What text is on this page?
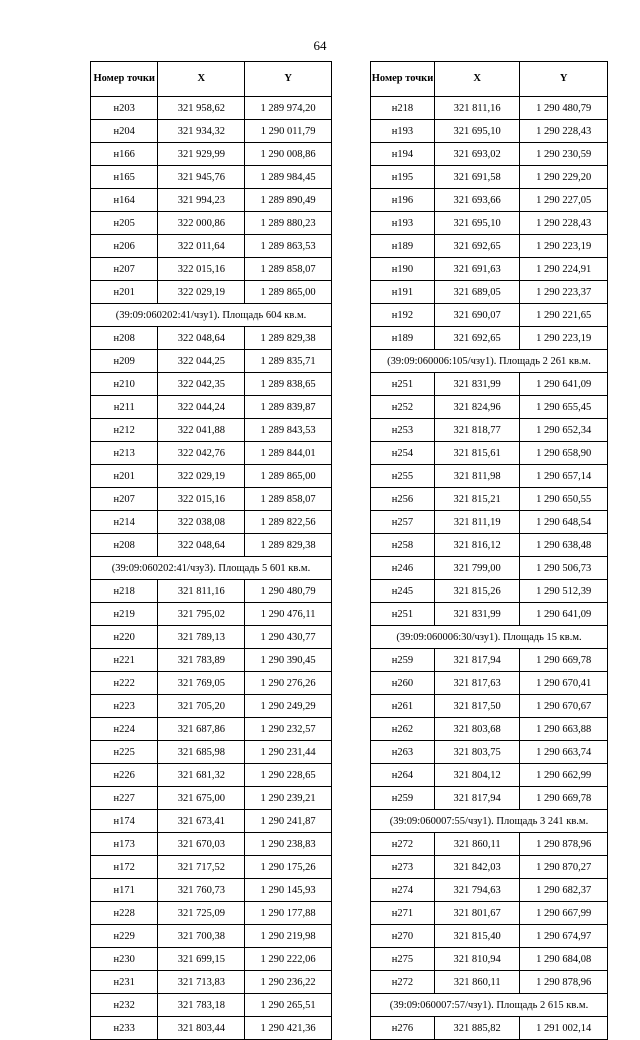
64
Номер точки	X	Y
н203	321 958,62	1 289 974,20
н204	321 934,32	1 290 011,79
н166	321 929,99	1 290 008,86
н165	321 945,76	1 289 984,45
н164	321 994,23	1 289 890,49
н205	322 000,86	1 289 880,23
н206	322 011,64	1 289 863,53
н207	322 015,16	1 289 858,07
н201	322 029,19	1 289 865,00
(39:09:060202:41/чзу1). Площадь 604 кв.м.		
н208	322 048,64	1 289 829,38
н209	322 044,25	1 289 835,71
н210	322 042,35	1 289 838,65
н211	322 044,24	1 289 839,87
н212	322 041,88	1 289 843,53
н213	322 042,76	1 289 844,01
н201	322 029,19	1 289 865,00
н207	322 015,16	1 289 858,07
н214	322 038,08	1 289 822,56
н208	322 048,64	1 289 829,38
(39:09:060202:41/чзу3). Площадь 5 601 кв.м.		
н218	321 811,16	1 290 480,79
н219	321 795,02	1 290 476,11
н220	321 789,13	1 290 430,77
н221	321 783,89	1 290 390,45
н222	321 769,05	1 290 276,26
н223	321 705,20	1 290 249,29
н224	321 687,86	1 290 232,57
н225	321 685,98	1 290 231,44
н226	321 681,32	1 290 228,65
н227	321 675,00	1 290 239,21
н174	321 673,41	1 290 241,87
н173	321 670,03	1 290 238,83
н172	321 717,52	1 290 175,26
н171	321 760,73	1 290 145,93
н228	321 725,09	1 290 177,88
н229	321 700,38	1 290 219,98
н230	321 699,15	1 290 222,06
н231	321 713,83	1 290 236,22
н232	321 783,18	1 290 265,51
н233	321 803,44	1 290 421,36
Номер точки	X	Y
н218	321 811,16	1 290 480,79
н193	321 695,10	1 290 228,43
н194	321 693,02	1 290 230,59
н195	321 691,58	1 290 229,20
н196	321 693,66	1 290 227,05
н193	321 695,10	1 290 228,43
н189	321 692,65	1 290 223,19
н190	321 691,63	1 290 224,91
н191	321 689,05	1 290 223,37
н192	321 690,07	1 290 221,65
н189	321 692,65	1 290 223,19
(39:09:060006:105/чзу1). Площадь 2 261 кв.м.		
н251	321 831,99	1 290 641,09
н252	321 824,96	1 290 655,45
н253	321 818,77	1 290 652,34
н254	321 815,61	1 290 658,90
н255	321 811,98	1 290 657,14
н256	321 815,21	1 290 650,55
н257	321 811,19	1 290 648,54
н258	321 816,12	1 290 638,48
н246	321 799,00	1 290 506,73
н245	321 815,26	1 290 512,39
н251	321 831,99	1 290 641,09
(39:09:060006:30/чзу1). Площадь 15 кв.м.		
н259	321 817,94	1 290 669,78
н260	321 817,63	1 290 670,41
н261	321 817,50	1 290 670,67
н262	321 803,68	1 290 663,88
н263	321 803,75	1 290 663,74
н264	321 804,12	1 290 662,99
н259	321 817,94	1 290 669,78
(39:09:060007:55/чзу1). Площадь 3 241 кв.м.		
н272	321 860,11	1 290 878,96
н273	321 842,03	1 290 870,27
н274	321 794,63	1 290 682,37
н271	321 801,67	1 290 667,99
н270	321 815,40	1 290 674,97
н275	321 810,94	1 290 684,08
н272	321 860,11	1 290 878,96
(39:09:060007:57/чзу1). Площадь 2 615 кв.м.		
н276	321 885,82	1 291 002,14
